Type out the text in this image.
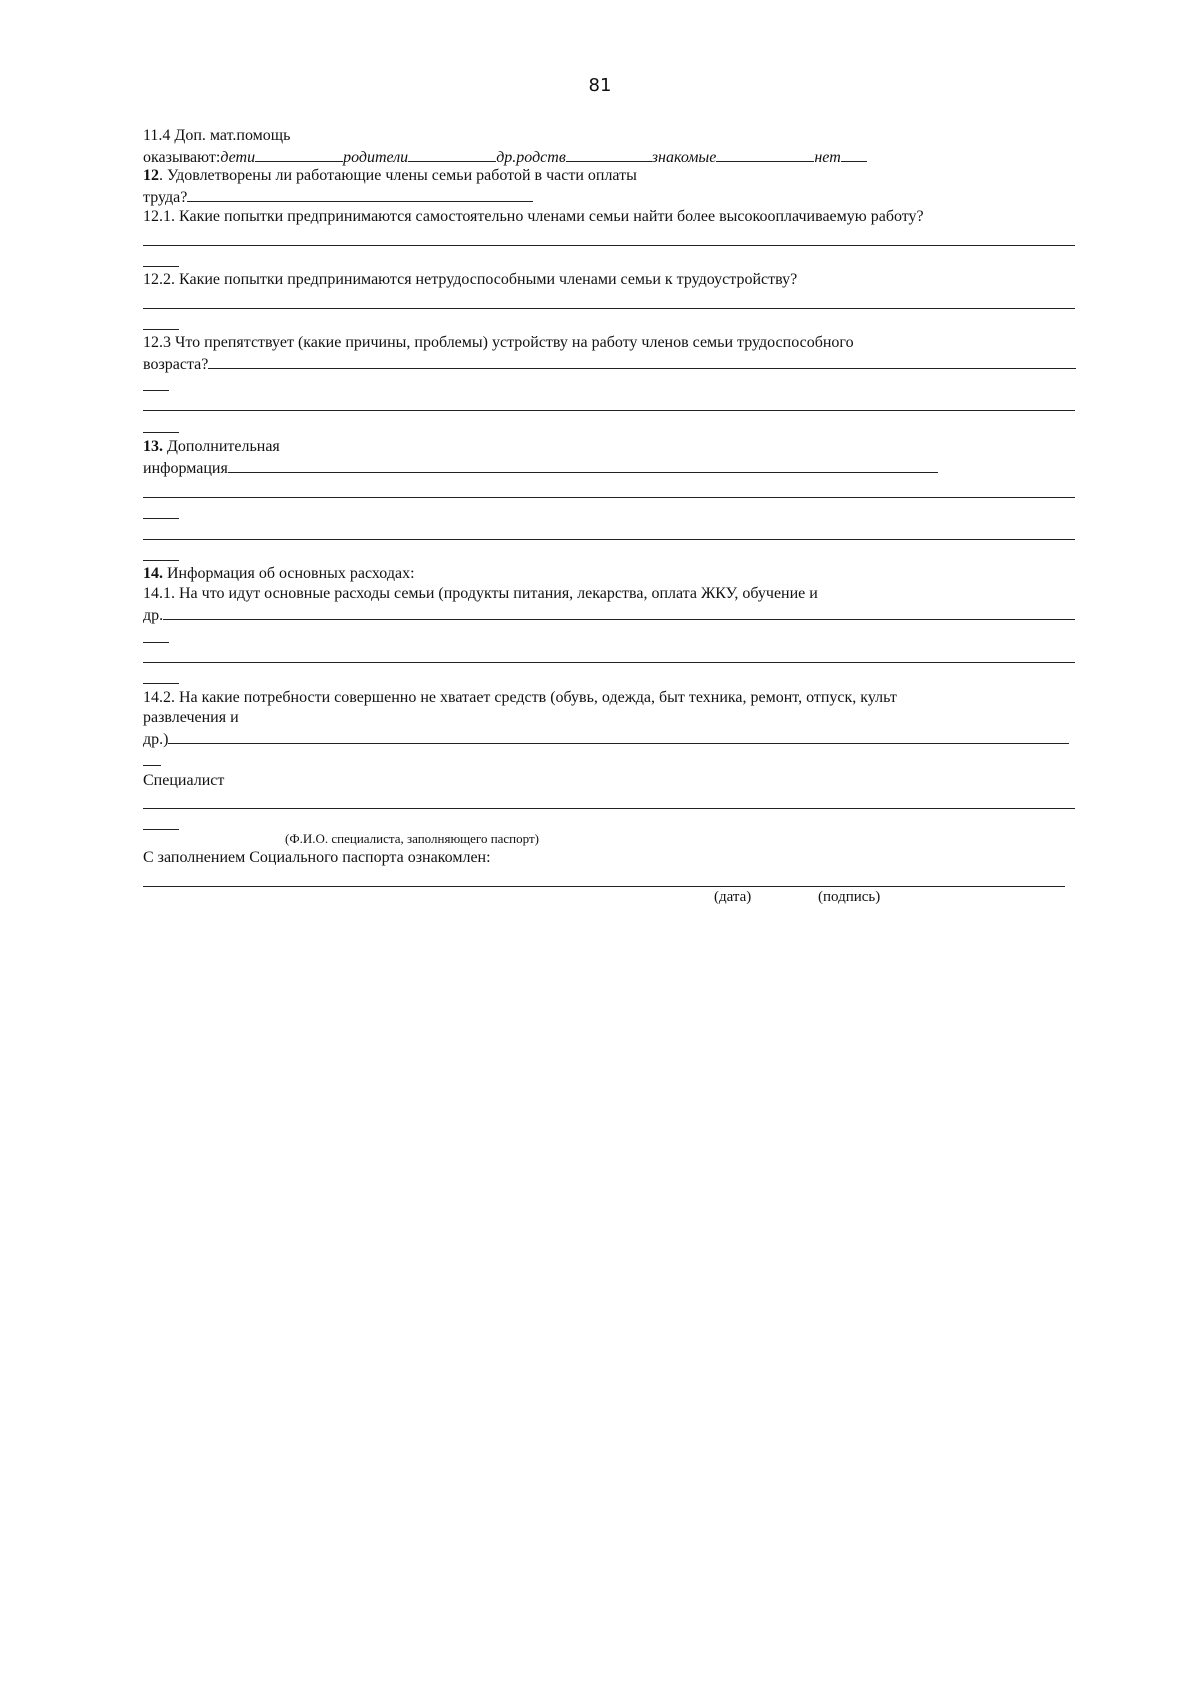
81
11.4 Доп. мат.помощь
оказывают:дети	родители	др.родств	знакомые	нет
12. Удовлетворены ли работающие члены семьи работой в части оплаты
труда?
12.1. Какие попытки предпринимаются самостоятельно членами семьи найти более высокооплачиваемую работу?
12.2. Какие попытки предпринимаются нетрудоспособными членами семьи к трудоустройству?
12.3 Что препятствует (какие причины, проблемы) устройству на работу членов семьи трудоспособного
возраста?
13. Дополнительная
информация
14. Информация об основных расходах:
14.1. На что идут основные расходы семьи (продукты питания, лекарства, оплата ЖКУ, обучение и
др.
14.2. На какие потребности совершенно не хватает средств (обувь, одежда, быт техника, ремонт, отпуск, культ
развлечения и
др.)
Специалист
(Ф.И.О. специалиста, заполняющего паспорт)
С заполнением Социального паспорта ознакомлен:
(дата)	(подпись)
